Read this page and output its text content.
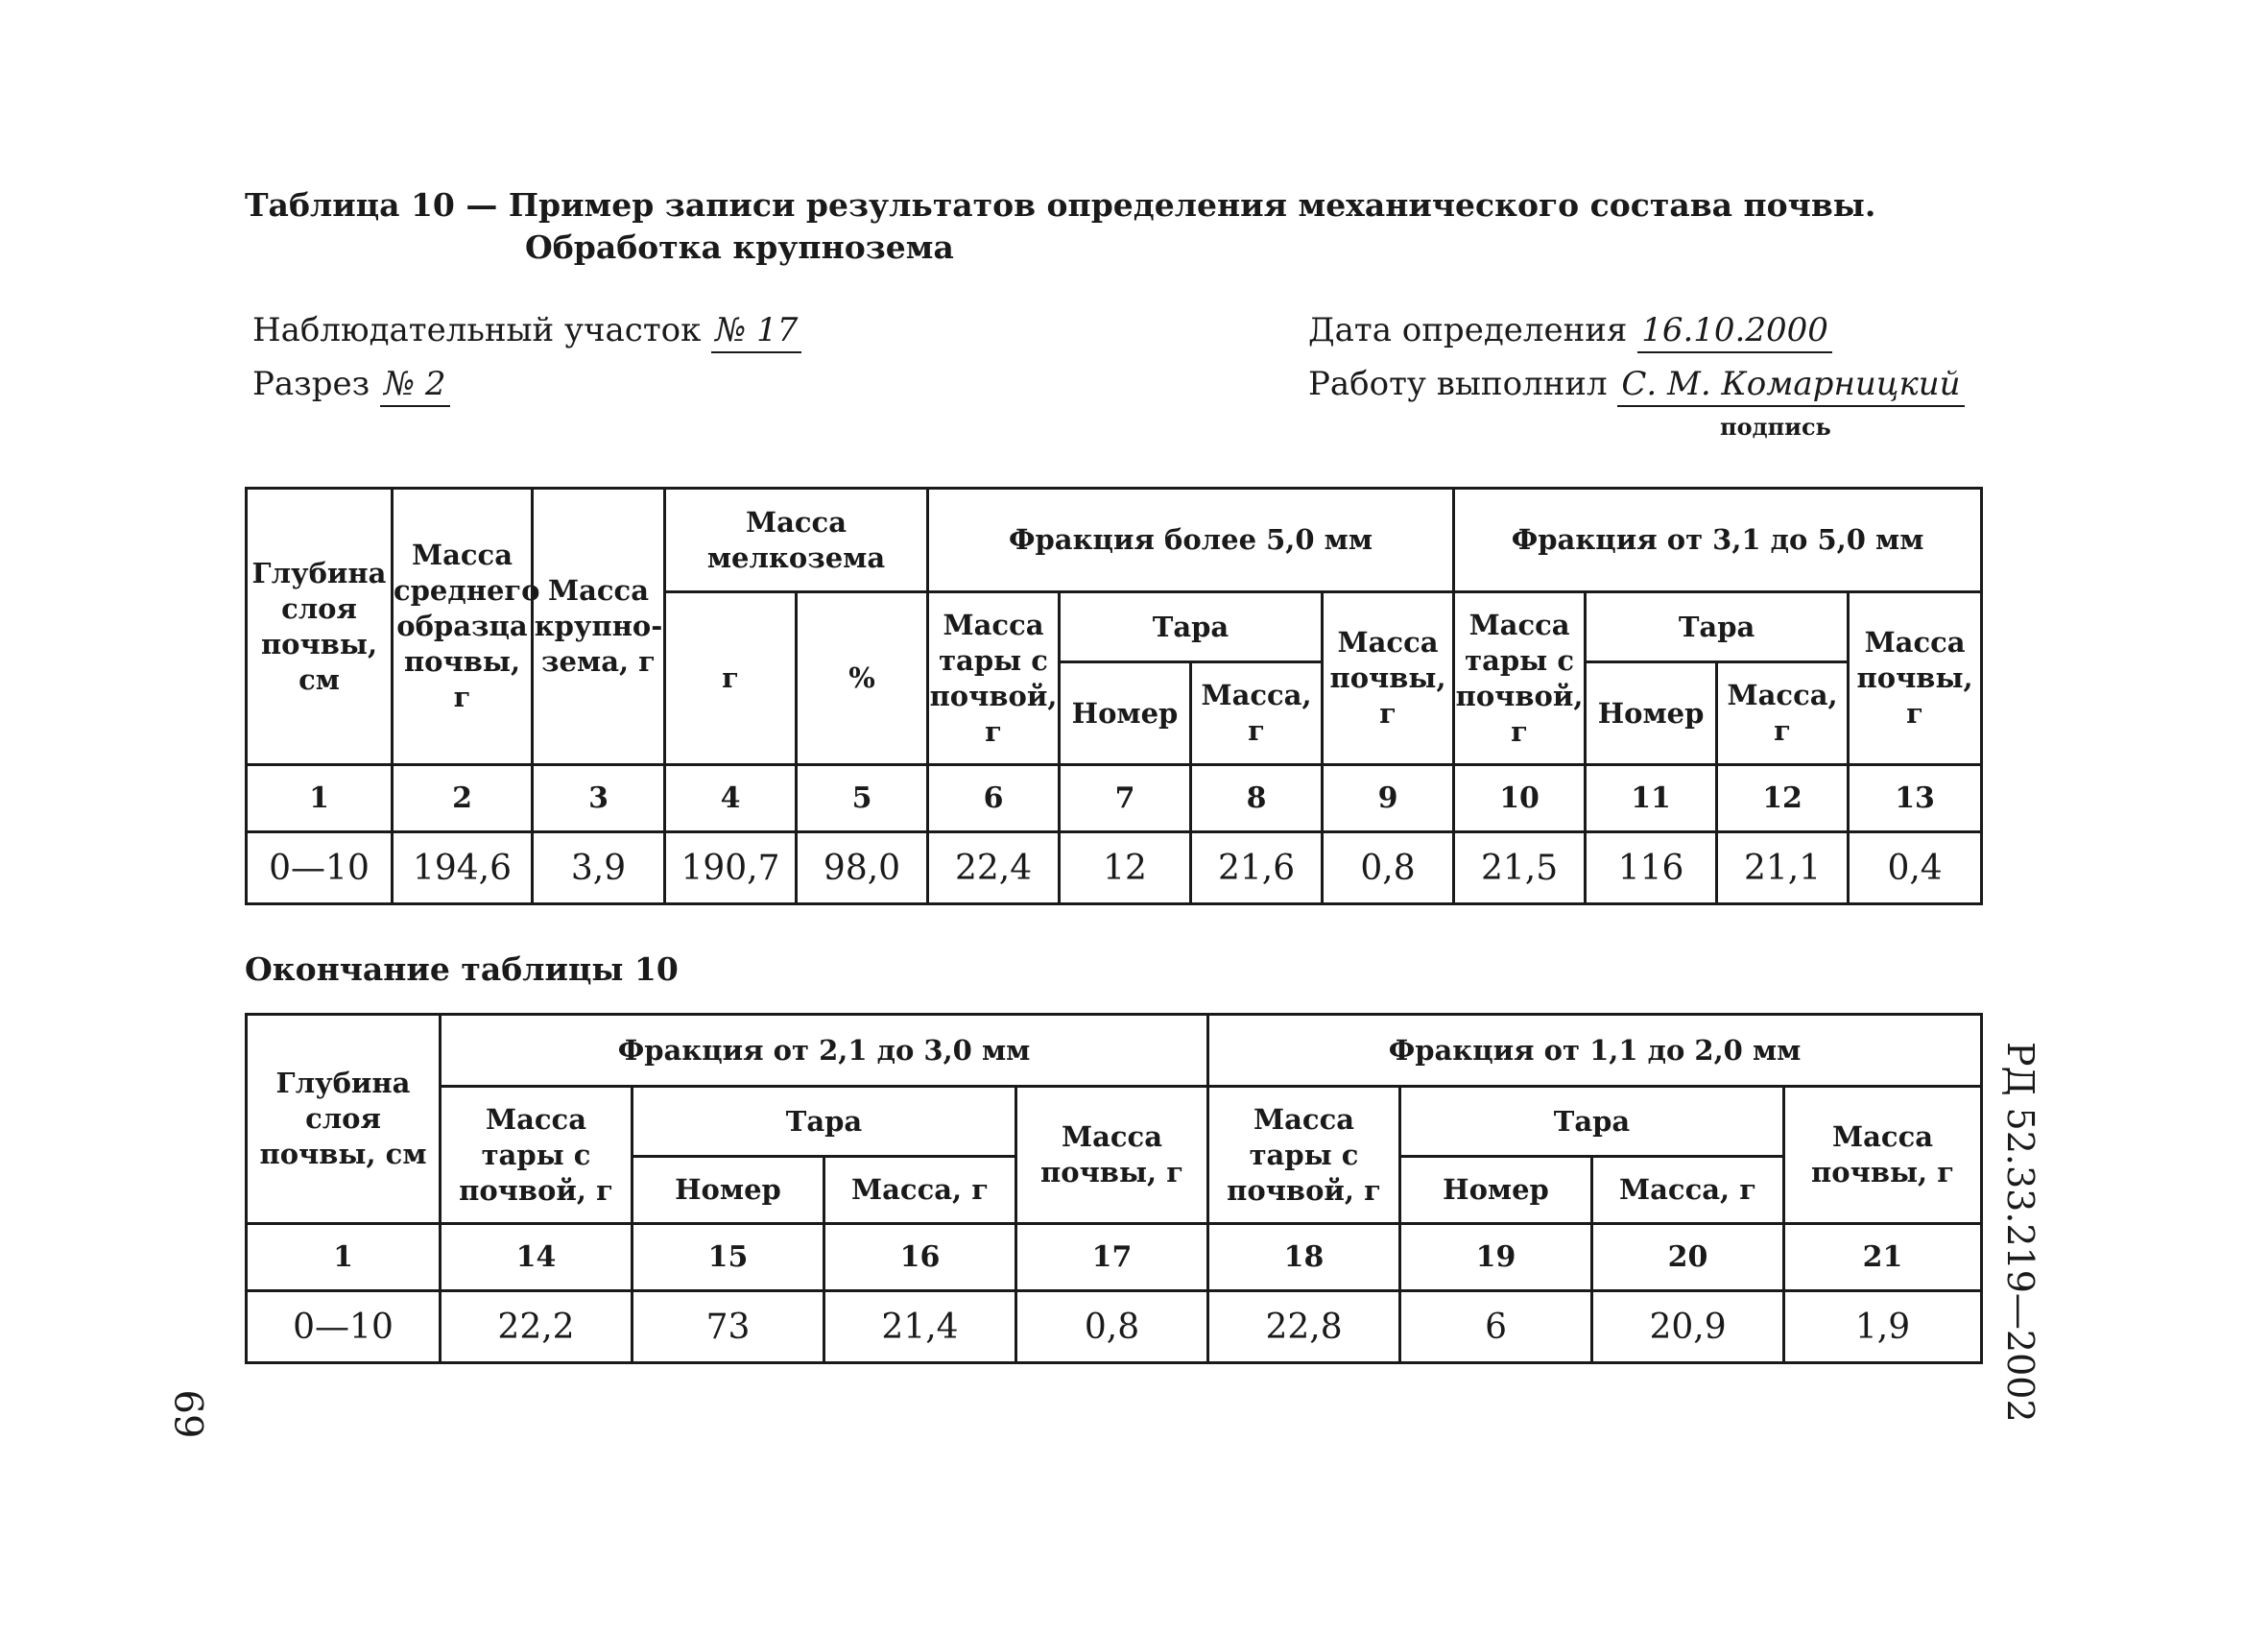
Таблица 10 — Пример записи результатов определения механического состава почвы.
Обработка крупнозема
Наблюдательный участок № 17
Разрез № 2
Дата определения 16.10.2000
Работу выполнил С. М. Комарницкий
подпись
Глубина слоя почвы, см	Масса среднего образца почвы, г	Масса крупно-зема, г	Масса мелкозема		Фракция более 5,0 мм				Фракция от 3,1 до 5,0 мм			
			г	%	Масса тары с почвой, г	Тара		Масса почвы, г	Масса тары с почвой, г	Тара		Масса почвы, г
						Номер	Масса, г			Номер	Масса, г	
1	2	3	4	5	6	7	8	9	10	11	12	13
0—10	194,6	3,9	190,7	98,0	22,4	12	21,6	0,8	21,5	116	21,1	0,4
Окончание таблицы 10
Глубина слоя почвы, см	Фракция от 2,1 до 3,0 мм				Фракция от 1,1 до 2,0 мм			
	Масса тары с почвой, г	Тара		Масса почвы, г	Масса тары с почвой, г	Тара		Масса почвы, г
		Номер	Масса, г			Номер	Масса, г	
1	14	15	16	17	18	19	20	21
0—10	22,2	73	21,4	0,8	22,8	6	20,9	1,9 РД 52.33.219—2002
69
